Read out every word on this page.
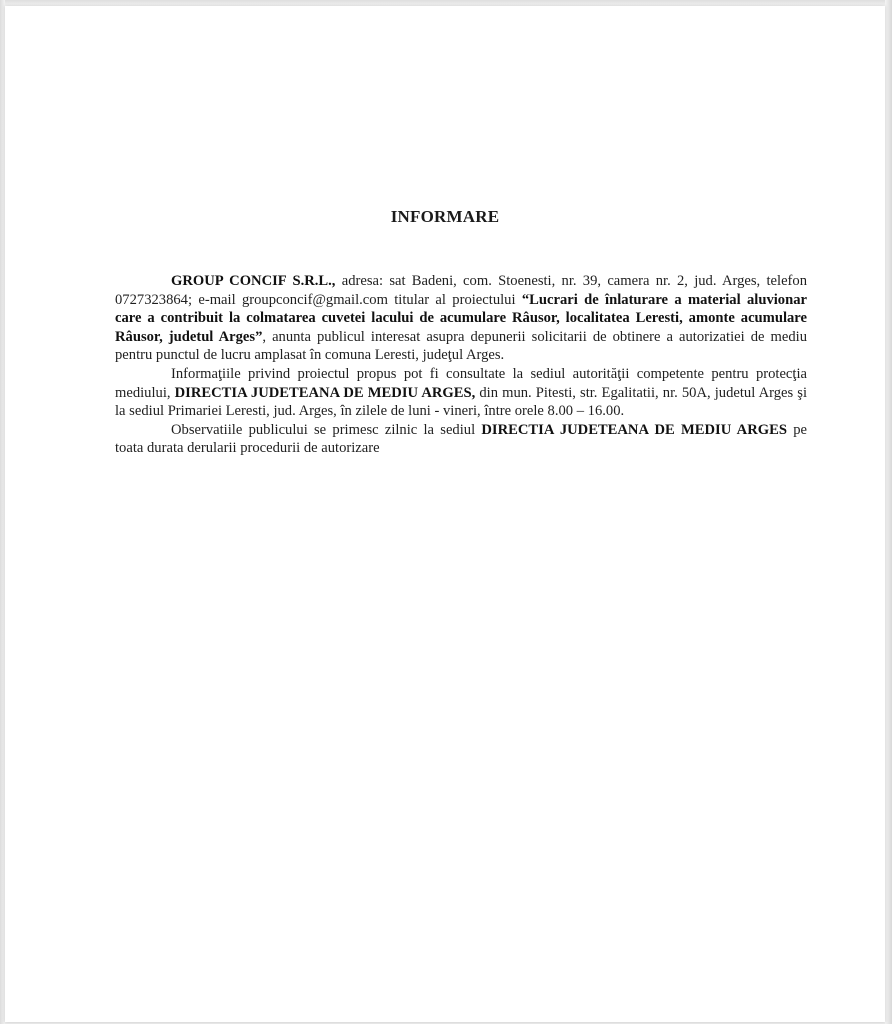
INFORMARE

GROUP CONCIF S.R.L., adresa: sat Badeni, com. Stoenesti, nr. 39, camera nr. 2, jud. Arges, telefon 0727323864; e-mail groupconcif@gmail.com titular al proiectului “Lucrari de înlaturare a material aluvionar care a contribuit la colmatarea cuvetei lacului de acumulare Râusor, localitatea Leresti, amonte acumulare Râusor, judetul Arges”, anunta publicul interesat asupra depunerii solicitarii de obtinere a autorizatiei de mediu pentru punctul de lucru amplasat în comuna Leresti, judeţul Arges.

Informaţiile privind proiectul propus pot fi consultate la sediul autorităţii competente pentru protecţia mediului, DIRECTIA JUDETEANA DE MEDIU ARGES, din mun. Pitesti, str. Egalitatii, nr. 50A, judetul Arges şi la sediul Primariei Leresti, jud. Arges, în zilele de luni - vineri, între orele 8.00 – 16.00.

Observatiile publicului se primesc zilnic la sediul DIRECTIA JUDETEANA DE MEDIU ARGES pe toata durata derularii procedurii de autorizare
